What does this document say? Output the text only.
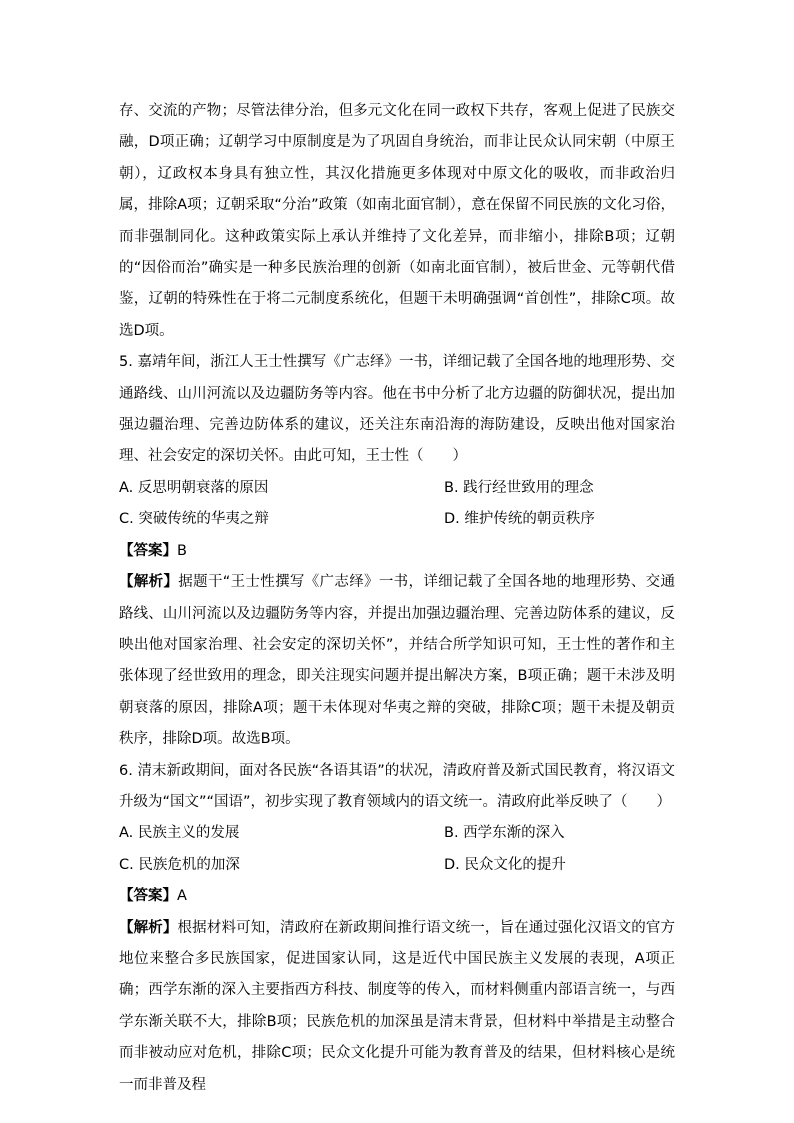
存、交流的产物；尽管法律分治，但多元文化在同一政权下共存，客观上促进了民族交融，D项正确；辽朝学习中原制度是为了巩固自身统治，而非让民众认同宋朝（中原王朝），辽政权本身具有独立性，其汉化措施更多体现对中原文化的吸收，而非政治归属，排除A项；辽朝采取“分治”政策（如南北面官制），意在保留不同民族的文化习俗，而非强制同化。这种政策实际上承认并维持了文化差异，而非缩小，排除B项；辽朝的“因俗而治”确实是一种多民族治理的创新（如南北面官制），被后世金、元等朝代借鉴，辽朝的特殊性在于将二元制度系统化，但题干未明确强调“首创性”，排除C项。故选D项。

5. 嘉靖年间，浙江人王士性撰写《广志绎》一书，详细记载了全国各地的地理形势、交通路线、山川河流以及边疆防务等内容。他在书中分析了北方边疆的防御状况，提出加强边疆治理、完善边防体系的建议，还关注东南沿海的海防建设，反映出他对国家治理、社会安定的深切关怀。由此可知，王士性（　　）

A. 反思明朝衰落的原因	B. 践行经世致用的理念
C. 突破传统的华夷之辩	D. 维护传统的朝贡秩序

【答案】B

【解析】据题干“王士性撰写《广志绎》一书，详细记载了全国各地的地理形势、交通路线、山川河流以及边疆防务等内容，并提出加强边疆治理、完善边防体系的建议，反映出他对国家治理、社会安定的深切关怀”，并结合所学知识可知，王士性的著作和主张体现了经世致用的理念，即关注现实问题并提出解决方案，B项正确；题干未涉及明朝衰落的原因，排除A项；题干未体现对华夷之辩的突破，排除C项；题干未提及朝贡秩序，排除D项。故选B项。

6. 清末新政期间，面对各民族“各语其语”的状况，清政府普及新式国民教育，将汉语文升级为“国文”“国语”，初步实现了教育领域内的语文统一。清政府此举反映了（　　）

A. 民族主义的发展	B. 西学东渐的深入
C. 民族危机的加深	D. 民众文化的提升

【答案】A

【解析】根据材料可知，清政府在新政期间推行语文统一，旨在通过强化汉语文的官方地位来整合多民族国家，促进国家认同，这是近代中国民族主义发展的表现，A项正确；西学东渐的深入主要指西方科技、制度等的传入，而材料侧重内部语言统一，与西学东渐关联不大，排除B项；民族危机的加深虽是清末背景，但材料中举措是主动整合而非被动应对危机，排除C项；民众文化提升可能为教育普及的结果，但材料核心是统一而非普及程
